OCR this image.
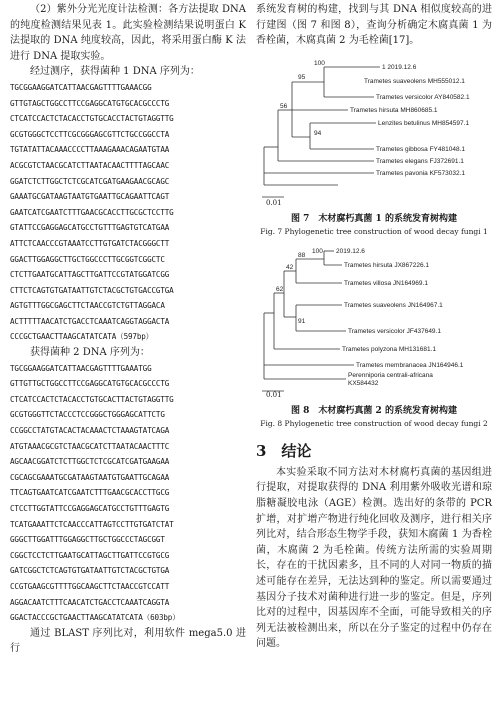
（2）紫外分光光度计法检测：各方法提取 DNA 的纯度检测结果见表 1。此实验检测结果说明蛋白 K 法提取的 DNA 纯度较高，因此，将采用蛋白酶 K 法进行 DNA 提取实验。

经过测序，获得菌种 1 DNA 序列为：

TGCGGAAGGATCATTAACGAGTTTTGAAACGG
GTTGTAGCTGGCCTTCCGAGGCATGTGCACGCCCTG
CTCATCCACTCTACACCTGTGCACCTACTGTAGGTTG
GCGTGGGCTCCTTCGCGGGAGCGTTCTGCCGGCCTA
TGTATATTACAAACCCCTTAAAGAAACAGAATGTAA
ACGCGTCTAACGCATCTTAATACAACTTTTAGCAAC
GGATCTCTTGGCTCTCGCATCGATGAAGAACGCAGC
GAAATGCGATAAGTAATGTGAATTGCAGAATTCAGT
GAATCATCGAATCTTTGAACGCACCTTGCGCTCCTTG
GTATTCCGAGGAGCATGCCTGTTTGAGTGTCATGAA
ATTCTCAACCCGTAAATCCTTGTGATCTACGGGCTT
GGACTTGGAGGCTTGCTGGCCCTTGCGGTCGGCTC
CTCTTGAATGCATTAGCTTGATTCCGTATGGATCGG
CTTCTCAGTGTGATAATTGTCTACGCTGTGACCGTGA
AGTGTTTGGCGAGCTTCTAACCGTCTGTTAGGACA
ACTTTTTAACATCTGACCTCAAATCAGGTAGGACTA
CCCGCTGAACTTAAGCATATCATA（597bp）

获得菌种 2 DNA 序列为：

TGCGGAAGGATCATTAACGAGTTTTGAAATGG
GTTGTTGCTGGCCTTCCGAGGCATGTGCACGCCCTG
CTCATCCACTCTACACCTGTGCACTTACTGTAGGTTG
GCGTGGGTTCTACCCTCCGGGCTGGGAGCATTCTG
CCGGCCTATGTACACTACAAACTCTAAAGTATCAGA
ATGTAAACGCGTCTAACGCATCTTAATACAACTTTC
AGCAACGGATCTCTTGGCTCTCGCATCGATGAAGAA
CGCAGCGAAATGCGATAAGTAATGTGAATTGCAGAA
TTCAGTGAATCATCGAATCTTTGAACGCACCTTGCG
CTCCTTGGTATTCCGAGGAGCATGCCTGTTTGAGTG
TCATGAAATTCTCAACCCATTAGTCCTTGTGATCTAT
GGGCTTGGATTTGGAGGCTTGCTGGCCCTAGCGGT
CGGCTCCTCTTGAATGCATTAGCTTGATTCCGTGCG
GATCGGCTCTCAGTGTGATAATTGTCTACGCTGTGA
CCGTGAAGCGTTTTGGCAAGCTTCTAACCGTCCATT
AGGACAATCTTTCAACATCTGACCTCAAATCAGGTA
GGACTACCCGCTGAACTTAAGCATATCATA（603bp）

通过 BLAST 序列比对，利用软件 mega5.0 进行

系统发育树的构建，找到与其 DNA 相似度较高的进行建图（图 7 和图 8），查询分析确定木腐真菌 1 为香栓菌，木腐真菌 2 为毛栓菌[17]。

1 2019.12.6
Trametes suaveolens MH555012.1
Trametes versicolor AY840582.1
Trametes hirsuta MH860685.1
Lenzites betulinus MH854597.1
Trametes gibbosa FY481048.1
Trametes elegans FJ372691.1
Trametes pavonia KF573032.1
100
95
56
94
0.01
图 7　木材腐朽真菌 1 的系统发育树构建
Fig. 7 Phylogenetic tree construction of wood decay fungi 1
2019.12.6
Trametes hirsuta JX867226.1
Trametes villosa JN164969.1
Trametes suaveolens JN164967.1
Trametes versicolor JF437649.1
Trametes polyzona MH131681.1
Trametes membranacea JN164946.1
Perenniporia centrali-africana
KX584432
100
88
42
62
91
0.01
图 8　木材腐朽真菌 2 的系统发育树构建
Fig. 8 Phylogenetic tree construction of wood decay fungi 2
3　结论

本实验采取不同方法对木材腐朽真菌的基因组进行提取，对提取获得的 DNA 利用紫外吸收光谱和琼脂糖凝胶电泳（AGE）检测。选出好的条带的 PCR 扩增，对扩增产物进行纯化回收及测序，进行相关序列比对，结合形态生物学手段，获知木腐菌 1 为香栓菌，木腐菌 2 为毛栓菌。传统方法所需的实验周期长，存在的干扰因素多，且不同的人对同一物质的描述可能存在差异，无法达到种的鉴定。所以需要通过基因分子技术对菌种进行进一步的鉴定。但是，序列比对的过程中，因基因库不全面，可能导致相关的序列无法被检测出来，所以在分子鉴定的过程中仍存在问题。
